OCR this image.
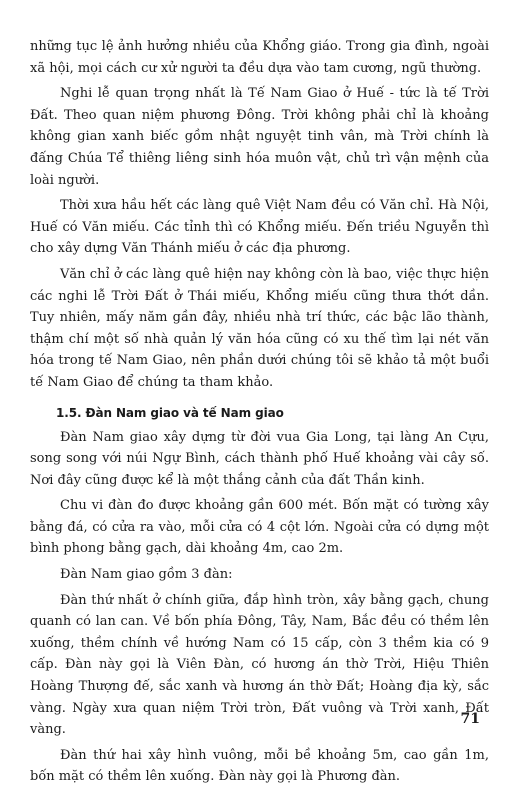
những tục lệ ảnh hưởng nhiều của Khổng giáo. Trong gia đình, ngoài xã hội, mọi cách cư xử người ta đều dựa vào tam cương, ngũ thường.

Nghi lễ quan trọng nhất là Tế Nam Giao ở Huế - tức là tế Trời Đất. Theo quan niệm phương Đông. Trời không phải chỉ là khoảng không gian xanh biếc gồm nhật nguyệt tinh vân, mà Trời chính là đấng Chúa Tể thiêng liêng sinh hóa muôn vật, chủ trì vận mệnh của loài người.

Thời xưa hầu hết các làng quê Việt Nam đều có Văn chỉ. Hà Nội, Huế có Văn miếu. Các tỉnh thì có Khổng miếu. Đến triều Nguyễn thì cho xây dựng Văn Thánh miếu ở các địa phương.

Văn chỉ ở các làng quê hiện nay không còn là bao, việc thực hiện các nghi lễ Trời Đất ở Thái miếu, Khổng miếu cũng thưa thớt dần. Tuy nhiên, mấy năm gần đây, nhiều nhà trí thức, các bậc lão thành, thậm chí một số nhà quản lý văn hóa cũng có xu thế tìm lại nét văn hóa trong tế Nam Giao, nên phần dưới chúng tôi sẽ khảo tả một buổi tế Nam Giao để chúng ta tham khảo.

1.5. Đàn Nam giao và tế Nam giao

Đàn Nam giao xây dựng từ đời vua Gia Long, tại làng An Cựu, song song với núi Ngự Bình, cách thành phố Huế khoảng vài cây số. Nơi đây cũng được kể là một thắng cảnh của đất Thần kinh.

Chu vi đàn đo được khoảng gần 600 mét. Bốn mặt có tường xây bằng đá, có cửa ra vào, mỗi cửa có 4 cột lớn. Ngoài cửa có dựng một bình phong bằng gạch, dài khoảng 4m, cao 2m.

Đàn Nam giao gồm 3 đàn:

Đàn thứ nhất ở chính giữa, đắp hình tròn, xây bằng gạch, chung quanh có lan can. Về bốn phía Đông, Tây, Nam, Bắc đều có thềm lên xuống, thềm chính về hướng Nam có 15 cấp, còn 3 thềm kia có 9 cấp. Đàn này gọi là Viên Đàn, có hương án thờ Trời, Hiệu Thiên Hoàng Thượng đế, sắc xanh và hương án thờ Đất; Hoàng địa kỳ, sắc vàng. Ngày xưa quan niệm Trời tròn, Đất vuông và Trời xanh, Đất vàng.

Đàn thứ hai xây hình vuông, mỗi bề khoảng 5m, cao gần 1m, bốn mặt có thềm lên xuống. Đàn này gọi là Phương đàn.

71
